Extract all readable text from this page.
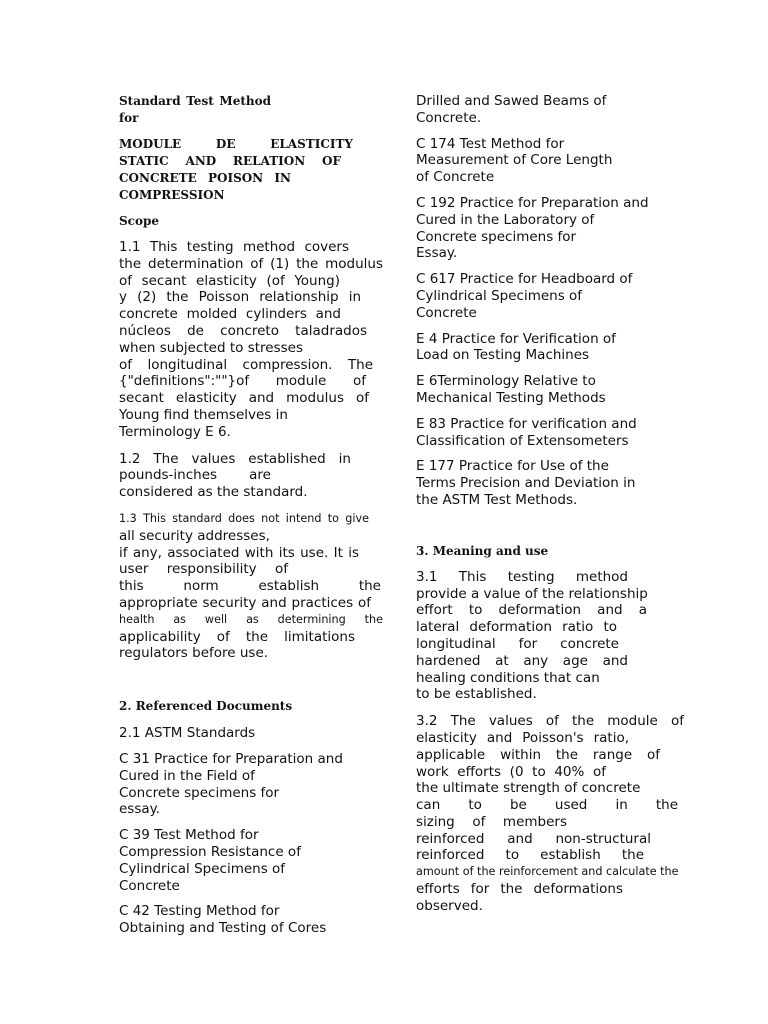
Standard Test Method
for
MODULE DE ELASTICITY
STATIC AND RELATION OF
CONCRETE POISON IN
COMPRESSION
Scope
1.1 This testing method covers
the determination of (1) the modulus
of secant elasticity (of Young)
y (2) the Poisson relationship in
concrete molded cylinders and
núcleos de concreto taladrados
when subjected to stresses
of longitudinal compression. The
{"definitions":""}of module of
secant elasticity and modulus of
Young find themselves in
Terminology E 6.
1.2 The values established in
pounds-inches are
considered as the standard.
1.3 This standard does not intend to give
all security addresses,
if any, associated with its use. It is
user responsibility of
this norm establish the
appropriate security and practices of
health as well as determining the
applicability of the limitations
regulators before use.
2. Referenced Documents
2.1 ASTM Standards
C 31 Practice for Preparation and
Cured in the Field of
Concrete specimens for
essay.
C 39 Test Method for
Compression Resistance of
Cylindrical Specimens of
Concrete
C 42 Testing Method for
Obtaining and Testing of Cores
Drilled and Sawed Beams of
Concrete.
C 174 Test Method for
Measurement of Core Length
of Concrete
C 192 Practice for Preparation and
Cured in the Laboratory of
Concrete specimens for
Essay.
C 617 Practice for Headboard of
Cylindrical Specimens of
Concrete
E 4 Practice for Verification of
Load on Testing Machines
E 6Terminology Relative to
Mechanical Testing Methods
E 83 Practice for verification and
Classification of Extensometers
E 177 Practice for Use of the
Terms Precision and Deviation in
the ASTM Test Methods.
3. Meaning and use
3.1 This testing method
provide a value of the relationship
effort to deformation and a
lateral deformation ratio to
longitudinal for concrete
hardened at any age and
healing conditions that can
to be established.
3.2 The values of the module of
elasticity and Poisson's ratio,
applicable within the range of
work efforts (0 to 40% of
the ultimate strength of concrete
can to be used in the
sizing of members
reinforced and non-structural
reinforced to establish the
amount of the reinforcement and calculate the
efforts for the deformations
observed.
